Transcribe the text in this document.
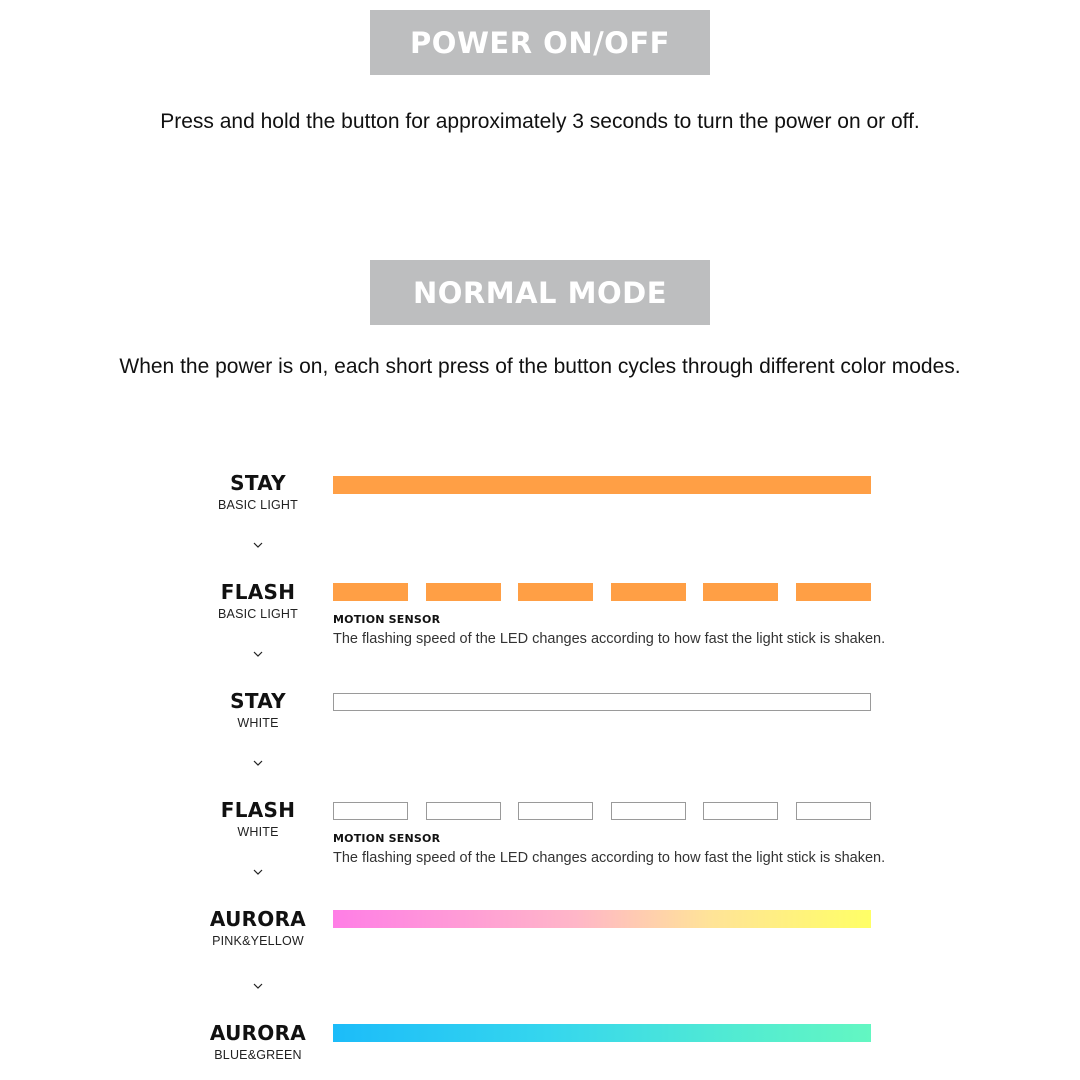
POWER ON/OFF
Press and hold the button for approximately 3 seconds to turn the power on or off.
NORMAL MODE
When the power is on, each short press of the button cycles through different color modes.
STAY
BASIC LIGHT
FLASH
BASIC LIGHT	MOTION SENSOR
The flashing speed of the LED changes according to how fast the light stick is shaken.
STAY
WHITE
FLASH
WHITE	MOTION SENSOR
The flashing speed of the LED changes according to how fast the light stick is shaken.
AURORA
PINK&YELLOW
AURORA
BLUE&GREEN
